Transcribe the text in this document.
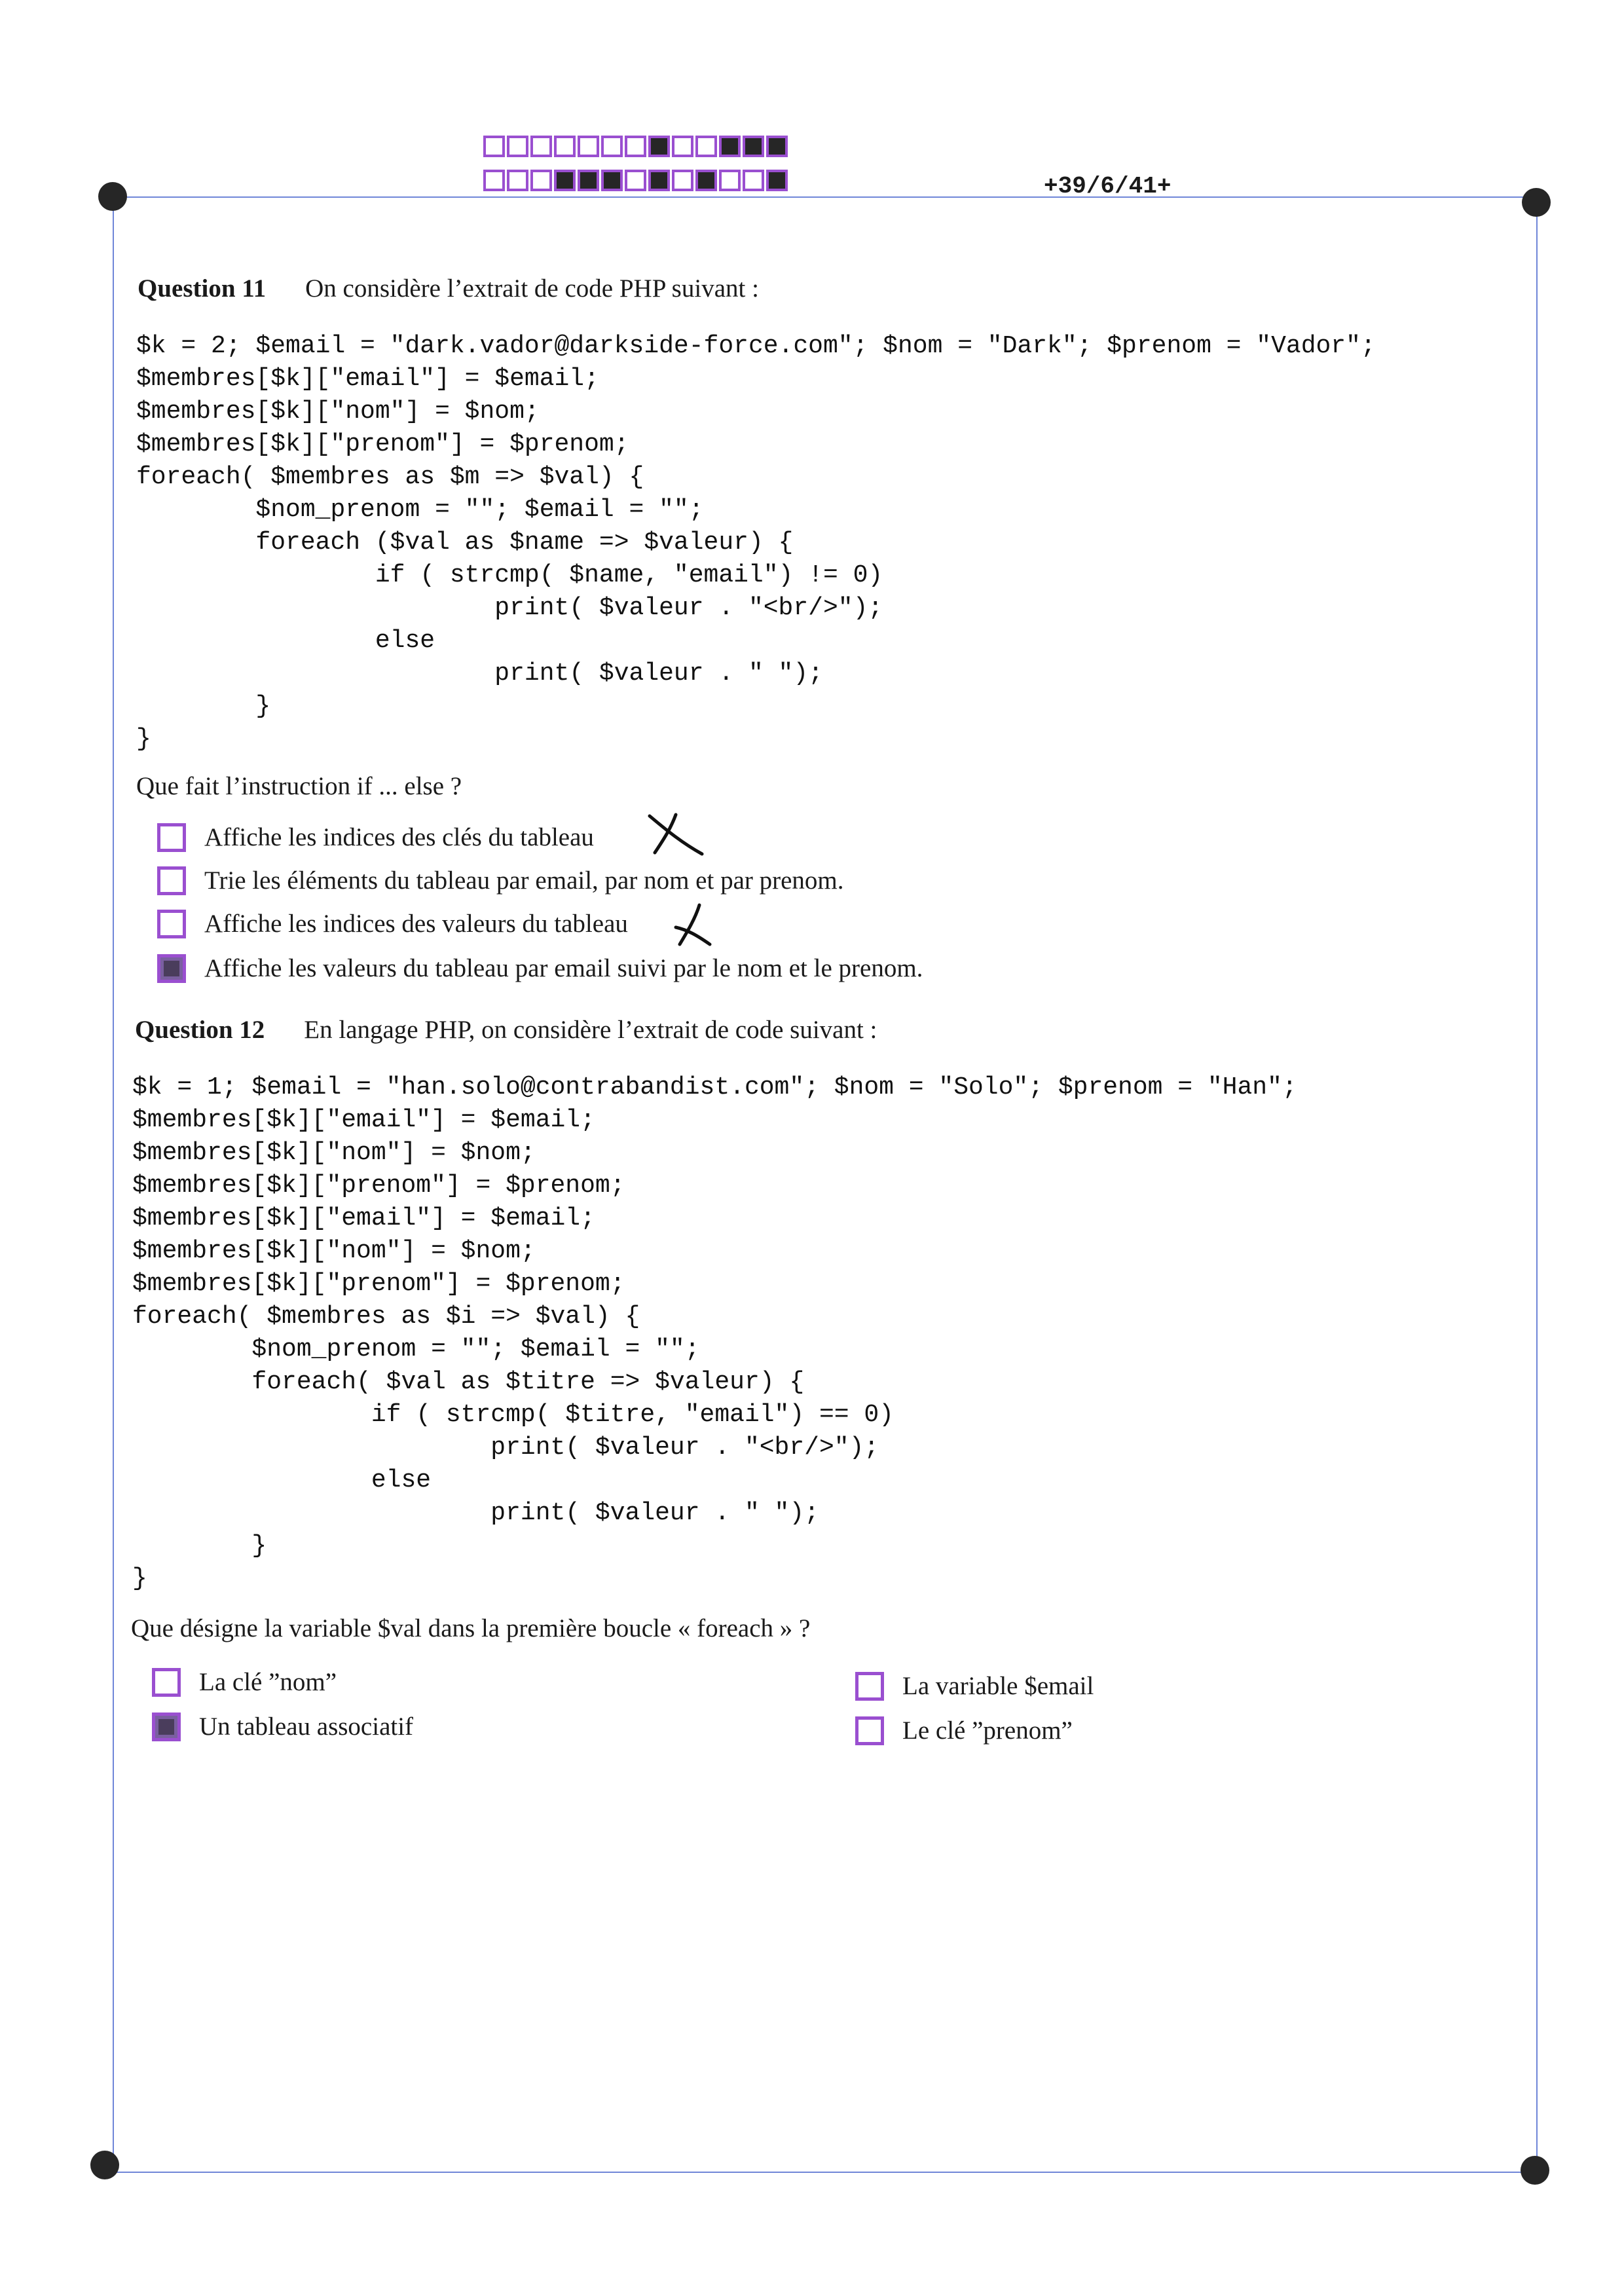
+39/6/41+
Question 11 On considère l’extrait de code PHP suivant :
$k = 2; $email = "dark.vador@darkside-force.com"; $nom = "Dark"; $prenom = "Vador";
$membres[$k]["email"] = $email;
$membres[$k]["nom"] = $nom;
$membres[$k]["prenom"] = $prenom;
foreach( $membres as $m => $val) {
$nom_prenom = ""; $email = "";
foreach ($val as $name => $valeur) {
if ( strcmp( $name, "email") != 0)
print( $valeur . "<br/>");
else
print( $valeur . " ");
}
}
Que fait l’instruction if ... else ?
Affiche les indices des clés du tableau
Trie les éléments du tableau par email, par nom et par prenom.
Affiche les indices des valeurs du tableau
Affiche les valeurs du tableau par email suivi par le nom et le prenom.
Question 12 En langage PHP, on considère l’extrait de code suivant :
$k = 1; $email = "han.solo@contrabandist.com"; $nom = "Solo"; $prenom = "Han";
$membres[$k]["email"] = $email;
$membres[$k]["nom"] = $nom;
$membres[$k]["prenom"] = $prenom;
$membres[$k]["email"] = $email;
$membres[$k]["nom"] = $nom;
$membres[$k]["prenom"] = $prenom;
foreach( $membres as $i => $val) {
$nom_prenom = ""; $email = "";
foreach( $val as $titre => $valeur) {
if ( strcmp( $titre, "email") == 0)
print( $valeur . "<br/>");
else
print( $valeur . " ");
}
}
Que désigne la variable $val dans la première boucle « foreach » ?
La clé ”nom”
Un tableau associatif
La variable $email
Le clé ”prenom”
